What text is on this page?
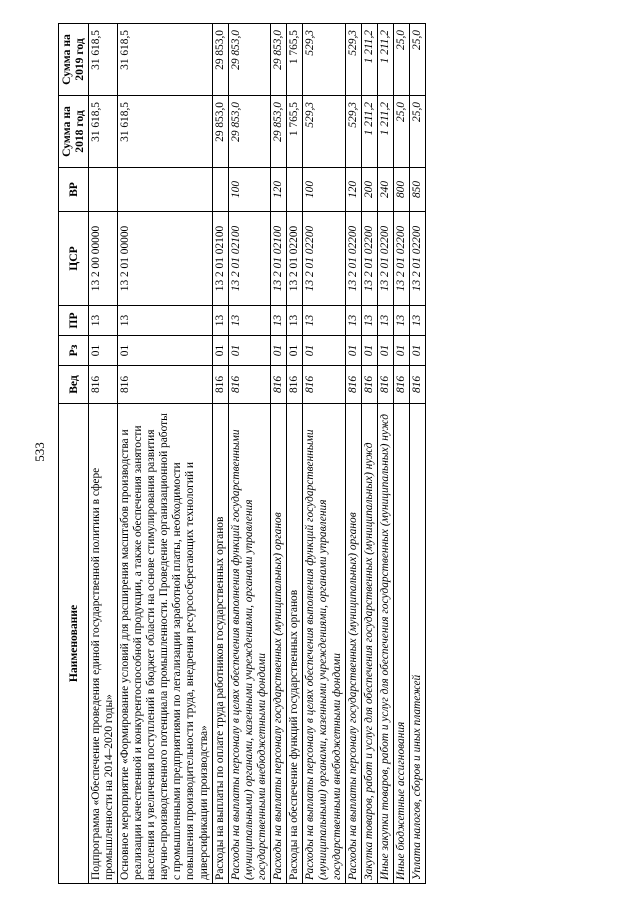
533
Наименование	Вед	Рз	ПР	ЦСР	ВР	Сумма на 2018 год	Сумма на 2019 год
Подпрограмма «Обеспечение проведения единой государственной политики в сфере промышленности на 2014–2020 годы»	816	01	13	13 2 00 00000		31 618,5	31 618,5
Основное мероприятие «Формирование условий для расширения масштабов производства и реализации качественной и конкурентоспособной продукции, а также обеспечения занятости населения и увеличения поступлений в бюджет области на основе стимулирования развития научно-производственного потенциала промышленности. Проведение организационной работы с промышленными предприятиями по легализации заработной платы, необходимости повышения производительности труда, внедрения ресурсосберегающих технологий и диверсификации производства»	816	01	13	13 2 01 00000		31 618,5	31 618,5
Расходы на выплаты по оплате труда работников государственных органов	816	01	13	13 2 01 02100		29 853,0	29 853,0
Расходы на выплаты персоналу в целях обеспечения выполнения функций государственными (муниципальными) органами, казенными учреждениями, органами управления государственными внебюджетными фондами	816	01	13	13 2 01 02100	100	29 853,0	29 853,0
Расходы на выплаты персоналу государственных (муниципальных) органов	816	01	13	13 2 01 02100	120	29 853,0	29 853,0
Расходы на обеспечение функций государственных органов	816	01	13	13 2 01 02200		1 765,5	1 765,5
Расходы на выплаты персоналу в целях обеспечения выполнения функций государственными (муниципальными) органами, казенными учреждениями, органами управления государственными внебюджетными фондами	816	01	13	13 2 01 02200	100	529,3	529,3
Расходы на выплаты персоналу государственных (муниципальных) органов	816	01	13	13 2 01 02200	120	529,3	529,3
Закупка товаров, работ и услуг для обеспечения государственных (муниципальных) нужд	816	01	13	13 2 01 02200	200	1 211,2	1 211,2
Иные закупки товаров, работ и услуг для обеспечения государственных (муниципальных) нужд	816	01	13	13 2 01 02200	240	1 211,2	1 211,2
Иные бюджетные ассигнования	816	01	13	13 2 01 02200	800	25,0	25,0
Уплата налогов, сборов и иных платежей	816	01	13	13 2 01 02200	850	25,0	25,0
